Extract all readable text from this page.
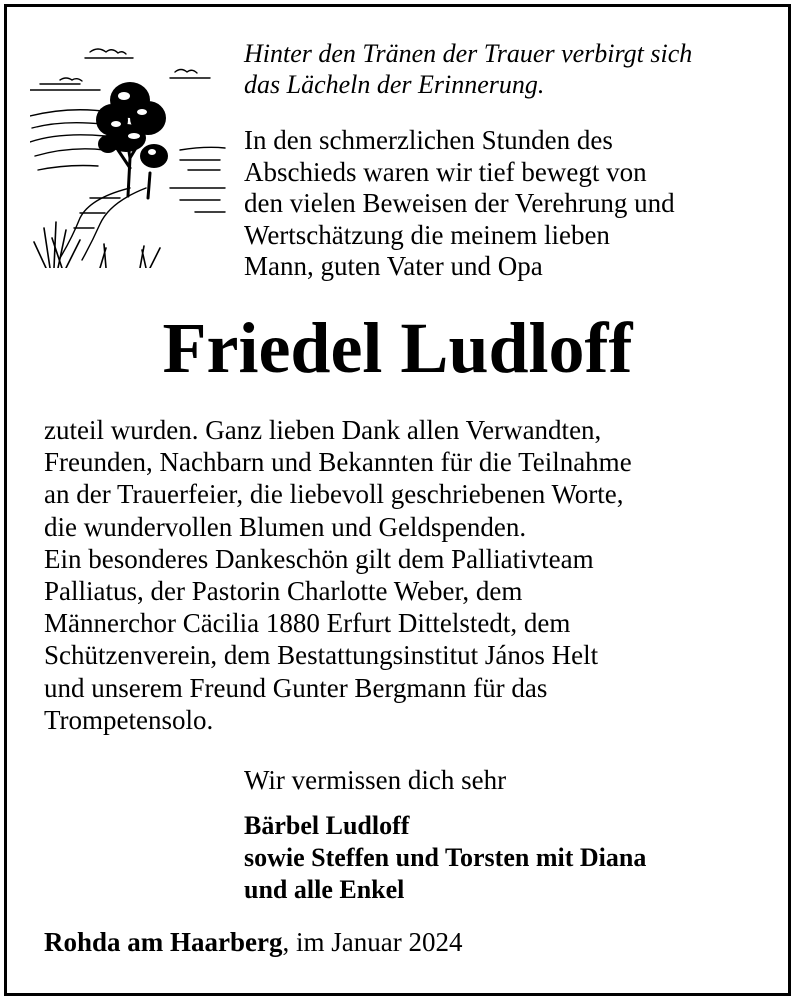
Hinter den Tränen der Trauer verbirgt sich
das Lächeln der Erinnerung.

In den schmerzlichen Stunden des
Abschieds waren wir tief bewegt von
den vielen Beweisen der Verehrung und
Wertschätzung die meinem lieben
Mann, guten Vater und Opa

Friedel Ludloff

zuteil wurden. Ganz lieben Dank allen Verwandten,
Freunden, Nachbarn und Bekannten für die Teilnahme
an der Trauerfeier, die liebevoll geschriebenen Worte,
die wundervollen Blumen und Geldspenden.
Ein besonderes Dankeschön gilt dem Palliativteam
Palliatus, der Pastorin Charlotte Weber, dem
Männerchor Cäcilia 1880 Erfurt Dittelstedt, dem
Schützenverein, dem Bestattungsinstitut János Helt
und unserem Freund Gunter Bergmann für das
Trompetensolo.

Wir vermissen dich sehr

Bärbel Ludloff
sowie Steffen und Torsten mit Diana
und alle Enkel

Rohda am Haarberg, im Januar 2024
